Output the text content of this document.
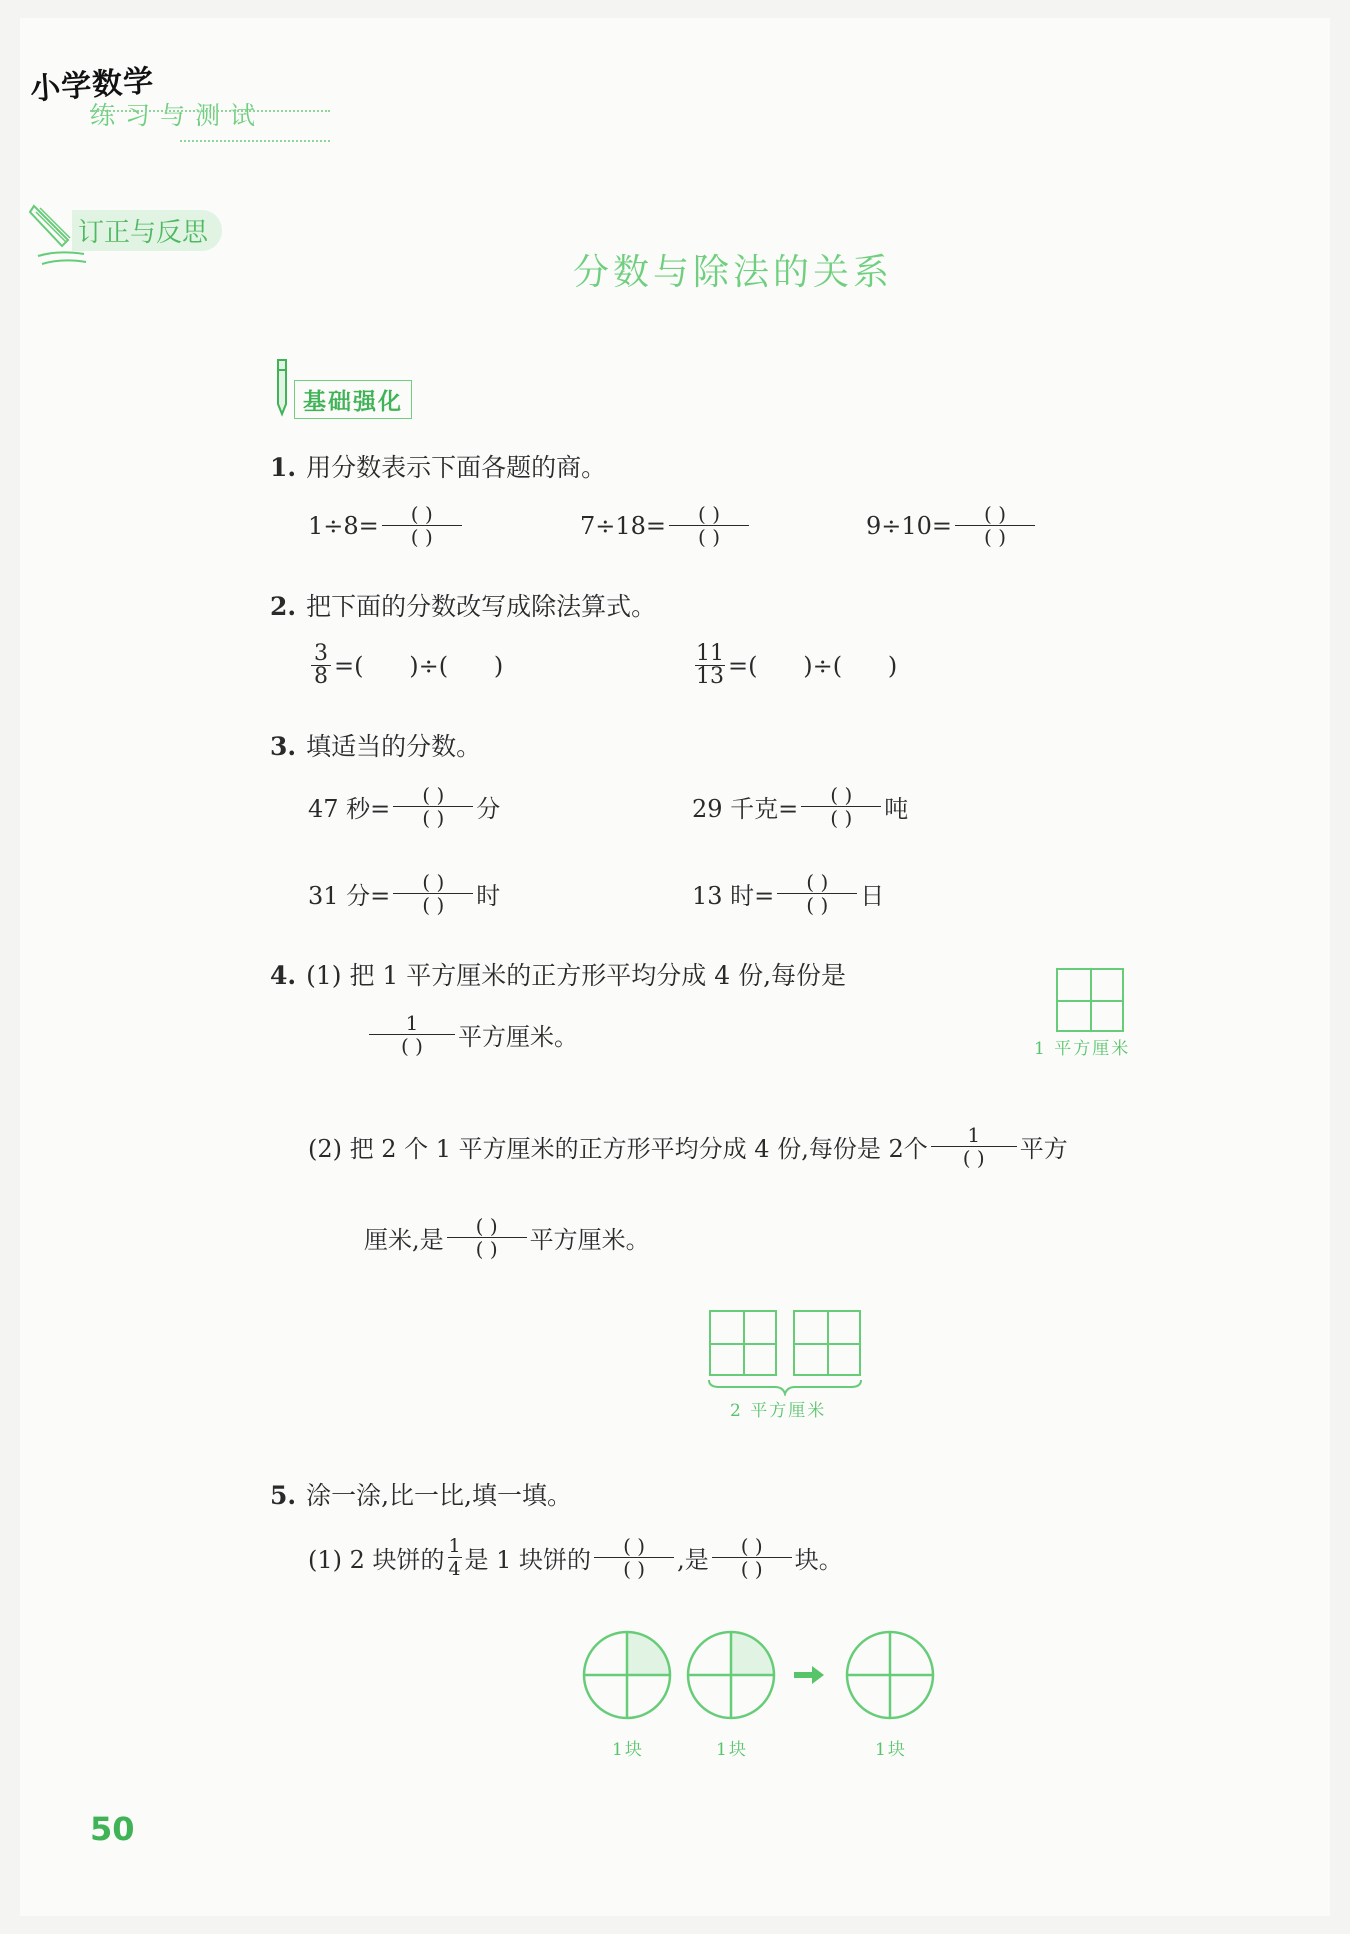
小学数学
练习与测试
订正与反思
分数与除法的关系
基础强化
1. 用分数表示下面各题的商。
$1\div 8= \frac{( )}{( )}$	$7\div 18= \frac{( )}{( )}$	$9\div 10= \frac{( )}{( )}$
2. 把下面的分数改写成除法算式。
$\frac{3}{8}$ =(      )÷(      )	$\frac{11}{13}$ =(      )÷(      )
3. 填适当的分数。
47 秒= $\frac{( )}{( )}$ 分	29 千克= $\frac{( )}{( )}$ 吨
31 分= $\frac{( )}{( )}$ 时	13 时= $\frac{( )}{( )}$ 日
4. (1) 把 1 平方厘米的正方形平均分成 4 份,每份是
$\frac{1}{( )}$ 平方厘米。	1 平方厘米
(2) 把 2 个 1 平方厘米的正方形平均分成 4 份,每份是 2个 $\frac{1}{( )}$ 平方
厘米,是 $\frac{( )}{( )}$ 平方厘米。
2 平方厘米
5. 涂一涂,比一比,填一填。
(1) 2 块饼的 $\frac{1}{4}$ 是 1 块饼的 $\frac{( )}{( )}$ ,是 $\frac{( )}{( )}$ 块。
1块	1块	1块
50
